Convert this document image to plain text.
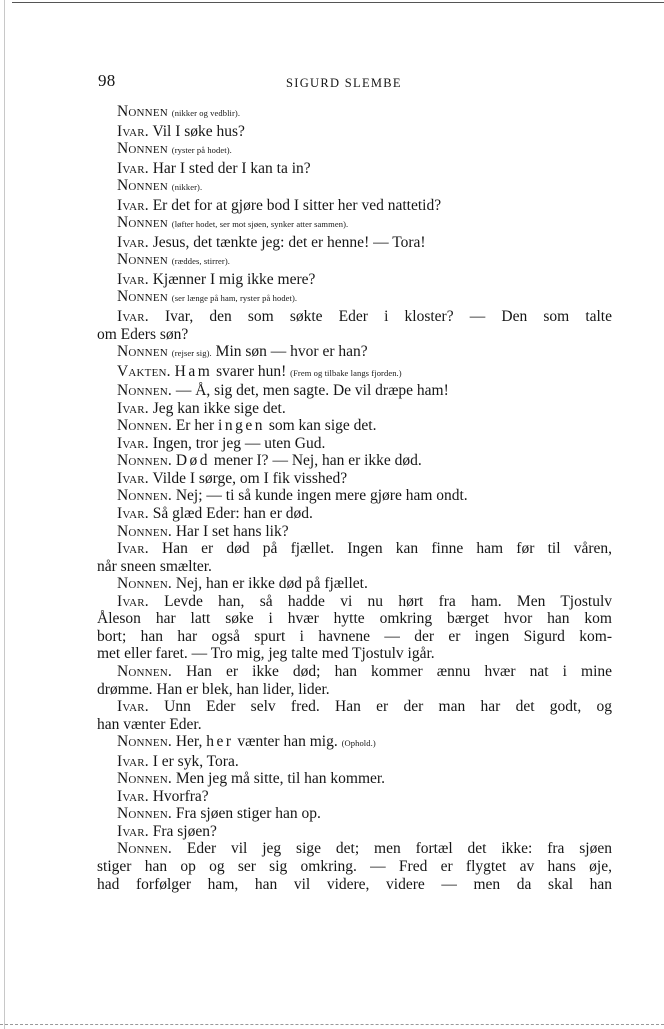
98	SIGURD SLEMBE
Nonnen (nikker og vedblir).
Ivar. Vil I søke hus?
Nonnen (ryster på hodet).
Ivar. Har I sted der I kan ta in?
Nonnen (nikker).
Ivar. Er det for at gjøre bod I sitter her ved nattetid?
Nonnen (løfter hodet, ser mot sjøen, synker atter sammen).
Ivar. Jesus, det tænkte jeg: det er henne! — Tora!
Nonnen (ræddes, stirrer).
Ivar. Kjænner I mig ikke mere?
Nonnen (ser længe på ham, ryster på hodet).
Ivar. Ivar, den som søkte Eder i kloster? — Den som talte
om Eders søn?
Nonnen (rejser sig). Min søn — hvor er han?
Vakten. Ham svarer hun! (Frem og tilbake langs fjorden.)
Nonnen. — Å, sig det, men sagte. De vil dræpe ham!
Ivar. Jeg kan ikke sige det.
Nonnen. Er her ingen som kan sige det.
Ivar. Ingen, tror jeg — uten Gud.
Nonnen. Død mener I? — Nej, han er ikke død.
Ivar. Vilde I sørge, om I fik visshed?
Nonnen. Nej; — ti så kunde ingen mere gjøre ham ondt.
Ivar. Så glæd Eder: han er død.
Nonnen. Har I set hans lik?
Ivar. Han er død på fjællet. Ingen kan finne ham før til våren,
når sneen smælter.
Nonnen. Nej, han er ikke død på fjællet.
Ivar. Levde han, så hadde vi nu hørt fra ham. Men Tjostulv
Åleson har latt søke i hvær hytte omkring bærget hvor han kom
bort; han har også spurt i havnene — der er ingen Sigurd kom-
met eller faret. — Tro mig, jeg talte med Tjostulv igår.
Nonnen. Han er ikke død; han kommer ænnu hvær nat i mine
drømme. Han er blek, han lider, lider.
Ivar. Unn Eder selv fred. Han er der man har det godt, og
han vænter Eder.
Nonnen. Her, her vænter han mig. (Ophold.)
Ivar. I er syk, Tora.
Nonnen. Men jeg må sitte, til han kommer.
Ivar. Hvorfra?
Nonnen. Fra sjøen stiger han op.
Ivar. Fra sjøen?
Nonnen. Eder vil jeg sige det; men fortæl det ikke: fra sjøen
stiger han op og ser sig omkring. — Fred er flygtet av hans øje,
had forfølger ham, han vil videre, videre — men da skal han
